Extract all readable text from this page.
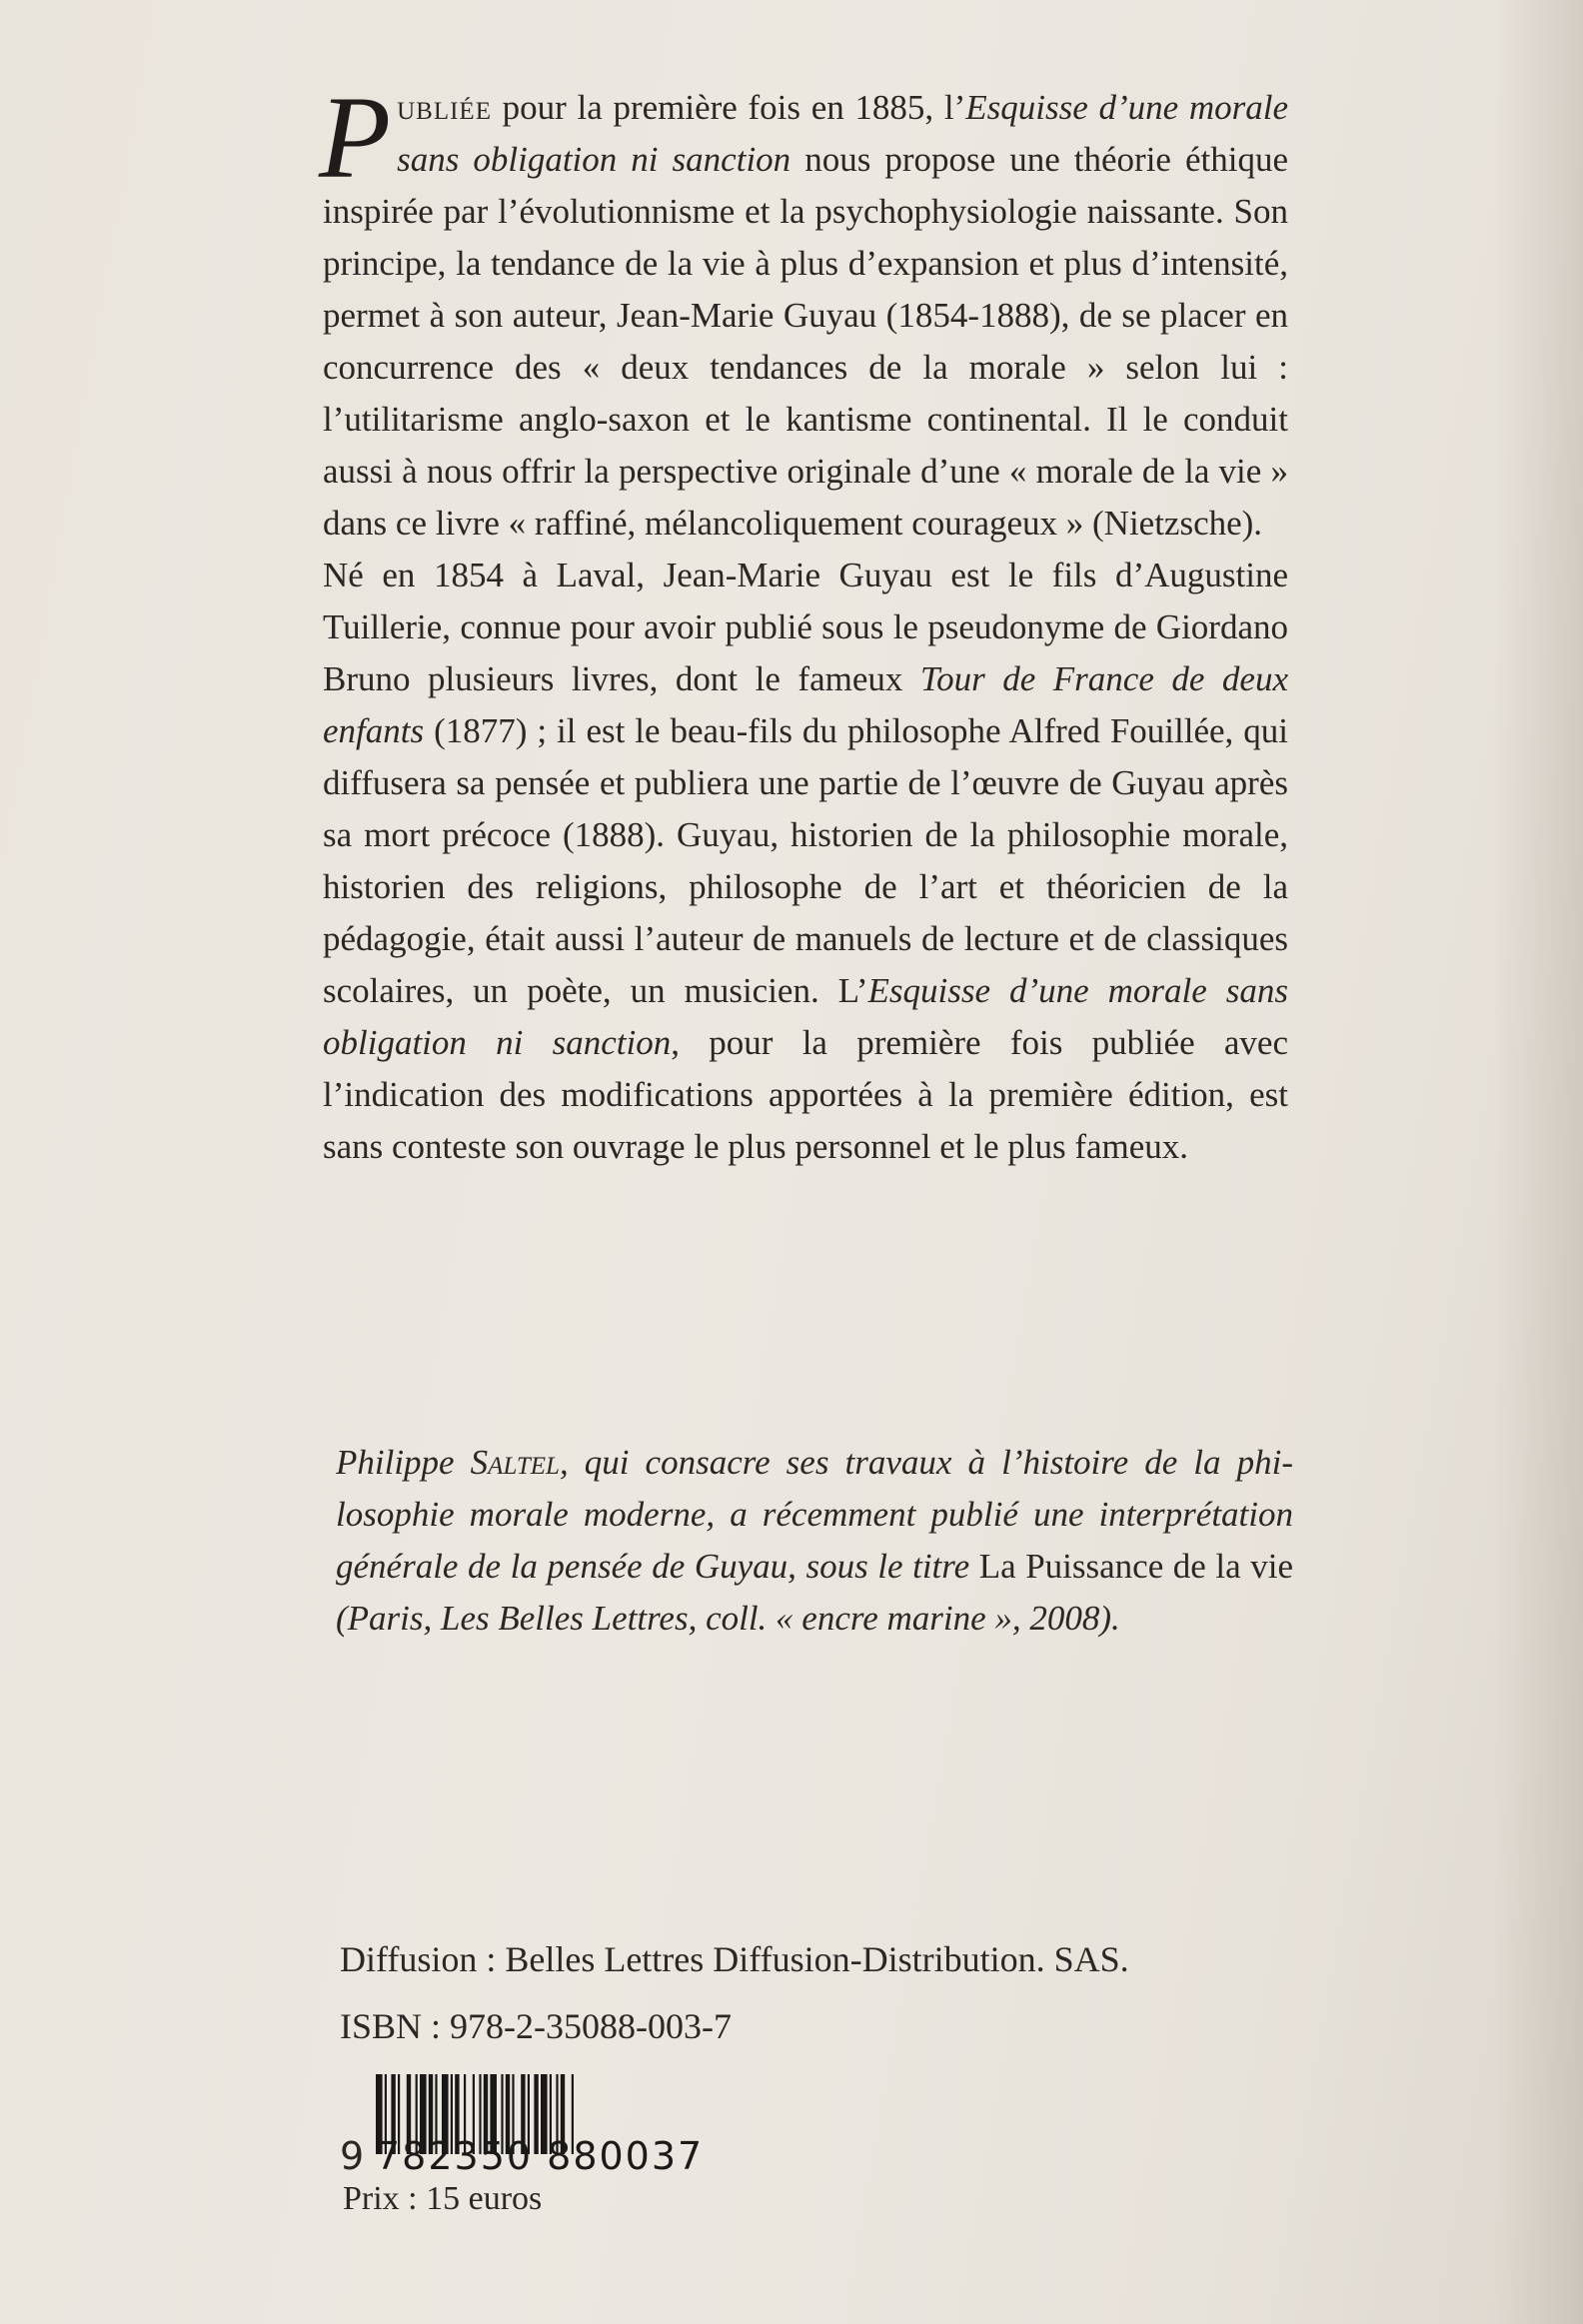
Publiée pour la première fois en 1885, l’Esquisse d’une morale sans obligation ni sanction nous propose une théorie éthique inspirée par l’évolutionnisme et la psychophysiologie naissante. Son principe, la tendance de la vie à plus d’expansion et plus d’intensité, permet à son auteur, Jean-Marie Guyau (1854-1888), de se placer en concurrence des « deux tendances de la morale » selon lui : l’utilitarisme anglo-saxon et le kantisme continental. Il le conduit aussi à nous offrir la perspective originale d’une « morale de la vie » dans ce livre « raffiné, mélancoliquement courageux » (Nietzsche).

Né en 1854 à Laval, Jean-Marie Guyau est le fils d’Augustine Tuillerie, connue pour avoir publié sous le pseudonyme de Giordano Bruno plusieurs livres, dont le fameux Tour de France de deux enfants (1877) ; il est le beau-fils du philosophe Alfred Fouillée, qui diffusera sa pensée et publiera une partie de l’œuvre de Guyau après sa mort précoce (1888). Guyau, historien de la philosophie morale, historien des religions, philosophe de l’art et théoricien de la pédagogie, était aussi l’auteur de manuels de lecture et de classiques scolaires, un poète, un musicien. L’Esquisse d’une morale sans obligation ni sanction, pour la première fois publiée avec l’indication des modifications apportées à la première édition, est sans conteste son ouvrage le plus personnel et le plus fameux.

Philippe Saltel, qui consacre ses travaux à l’histoire de la philosophie morale moderne, a récemment publié une interprétation générale de la pensée de Guyau, sous le titre La Puissance de la vie (Paris, Les Belles Lettres, coll. « encre marine », 2008).
Diffusion : Belles Lettres Diffusion-Distribution. SAS.
ISBN : 978-2-35088-003-7
9 782350 880037
Prix : 15 euros
